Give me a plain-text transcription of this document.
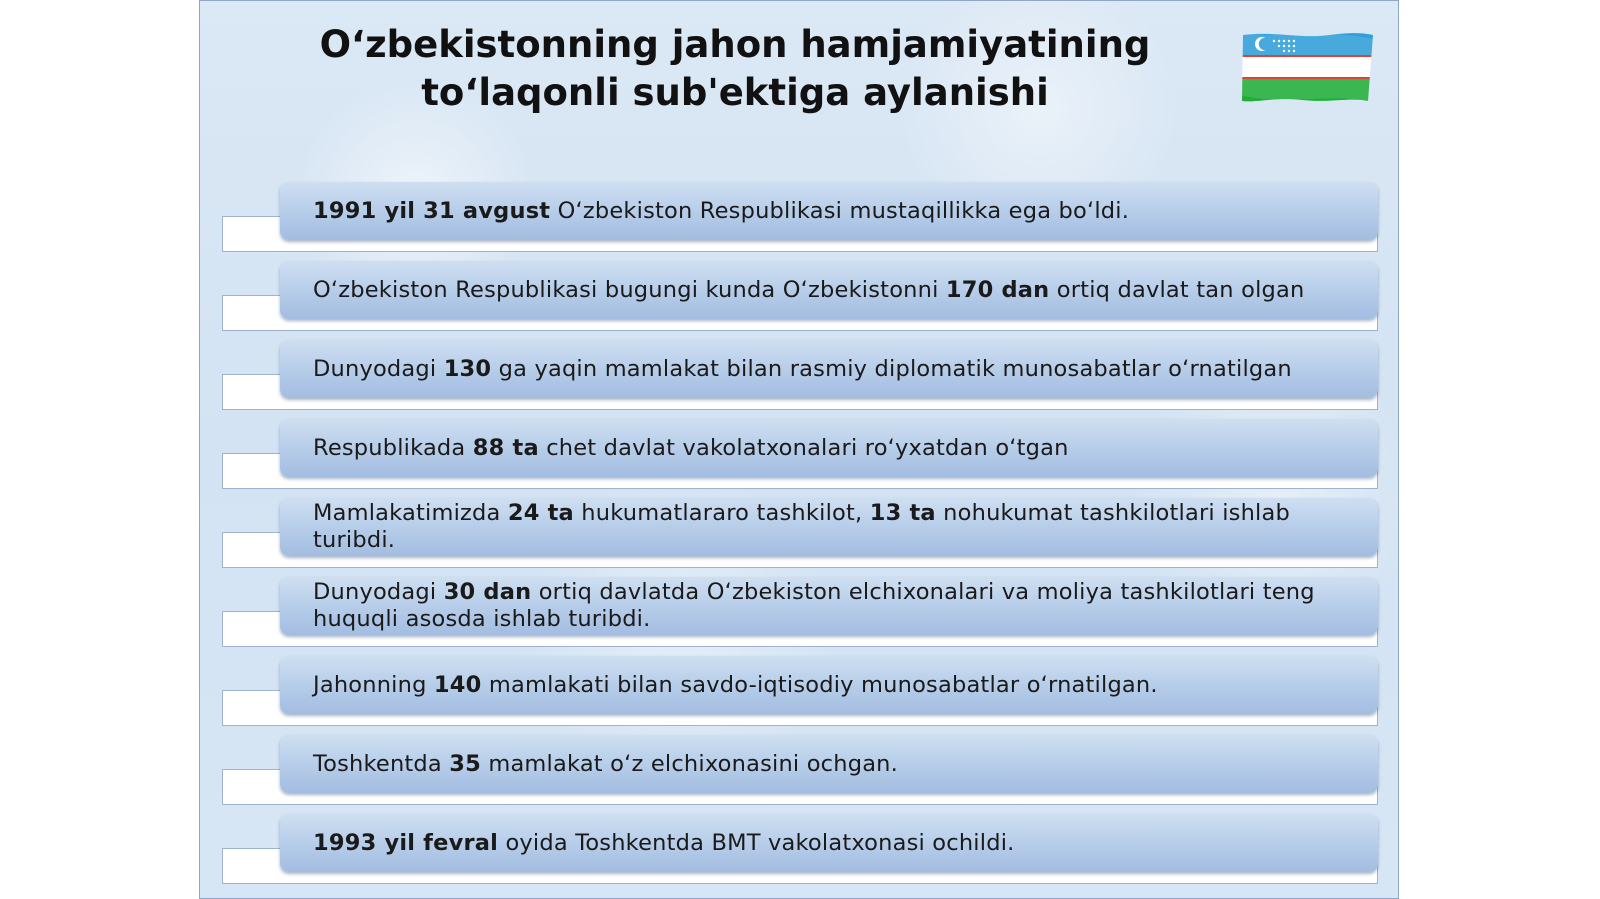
O‘zbekistonning jahon hamjamiyatining
to‘laqonli sub'ektiga aylanishi
1991 yil 31 avgust O‘zbekiston Respublikasi mustaqillikka ega bo‘ldi.
O‘zbekiston Respublikasi bugungi kunda O‘zbekistonni 170 dan ortiq davlat tan olgan
Dunyodagi 130 ga yaqin mamlakat bilan rasmiy diplomatik munosabatlar o‘rnatilgan
Respublikada 88 ta chet davlat vakolatxonalari ro‘yxatdan o‘tgan
Mamlakatimizda 24 ta hukumatlararo tashkilot, 13 ta nohukumat tashkilotlari ishlab turibdi.
Dunyodagi 30 dan ortiq davlatda O‘zbekiston elchixonalari va moliya tashkilotlari teng huquqli asosda ishlab turibdi.
Jahonning 140 mamlakati bilan savdo-iqtisodiy munosabatlar o‘rnatilgan.
Toshkentda 35 mamlakat o‘z elchixonasini ochgan.
1993 yil fevral oyida Toshkentda BMT vakolatxonasi ochildi.
